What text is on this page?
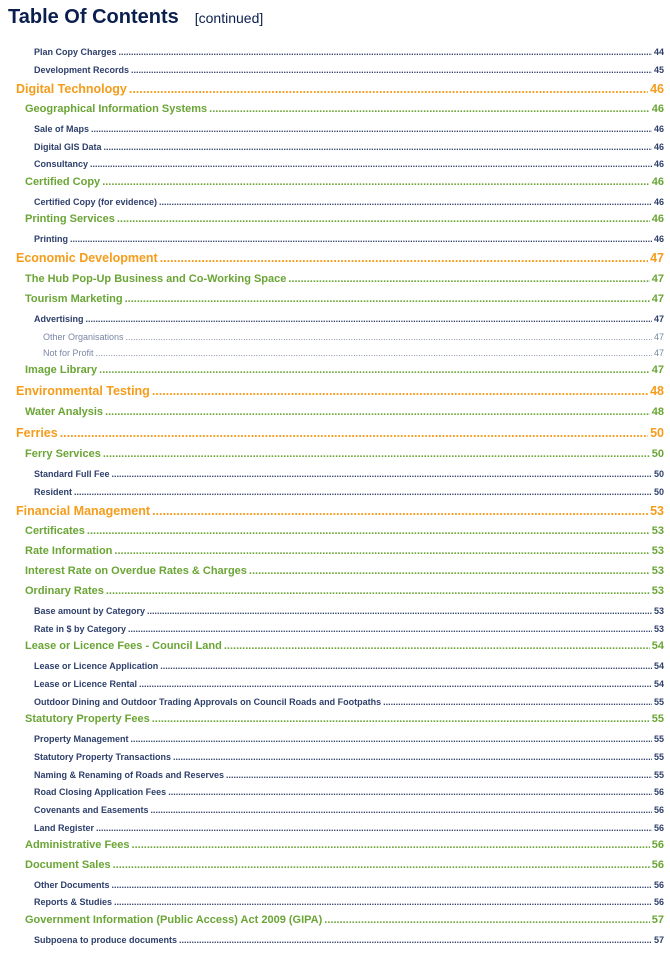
Table Of Contents [continued]
Plan Copy Charges .....	44
Development Records .....	45
Digital Technology .....	46
Geographical Information Systems .....	46
Sale of Maps .....	46
Digital GIS Data .....	46
Consultancy .....	46
Certified Copy .....	46
Certified Copy (for evidence) .....	46
Printing Services .....	46
Printing .....	46
Economic Development .....	47
The Hub Pop-Up Business and Co-Working Space .....	47
Tourism Marketing .....	47
Advertising .....	47
Other Organisations .....	47
Not for Profit .....	47
Image Library .....	47
Environmental Testing .....	48
Water Analysis .....	48
Ferries .....	50
Ferry Services .....	50
Standard Full Fee .....	50
Resident .....	50
Financial Management .....	53
Certificates .....	53
Rate Information .....	53
Interest Rate on Overdue Rates & Charges .....	53
Ordinary Rates .....	53
Base amount by Category .....	53
Rate in $ by Category .....	53
Lease or Licence Fees - Council Land .....	54
Lease or Licence Application .....	54
Lease or Licence Rental .....	54
Outdoor Dining and Outdoor Trading Approvals on Council Roads and Footpaths .....	55
Statutory Property Fees .....	55
Property Management .....	55
Statutory Property Transactions .....	55
Naming & Renaming of Roads and Reserves .....	55
Road Closing Application Fees .....	56
Covenants and Easements .....	56
Land Register .....	56
Administrative Fees .....	56
Document Sales .....	56
Other Documents .....	56
Reports & Studies .....	56
Government Information (Public Access) Act 2009 (GIPA) .....	57
Subpoena to produce documents .....	57
